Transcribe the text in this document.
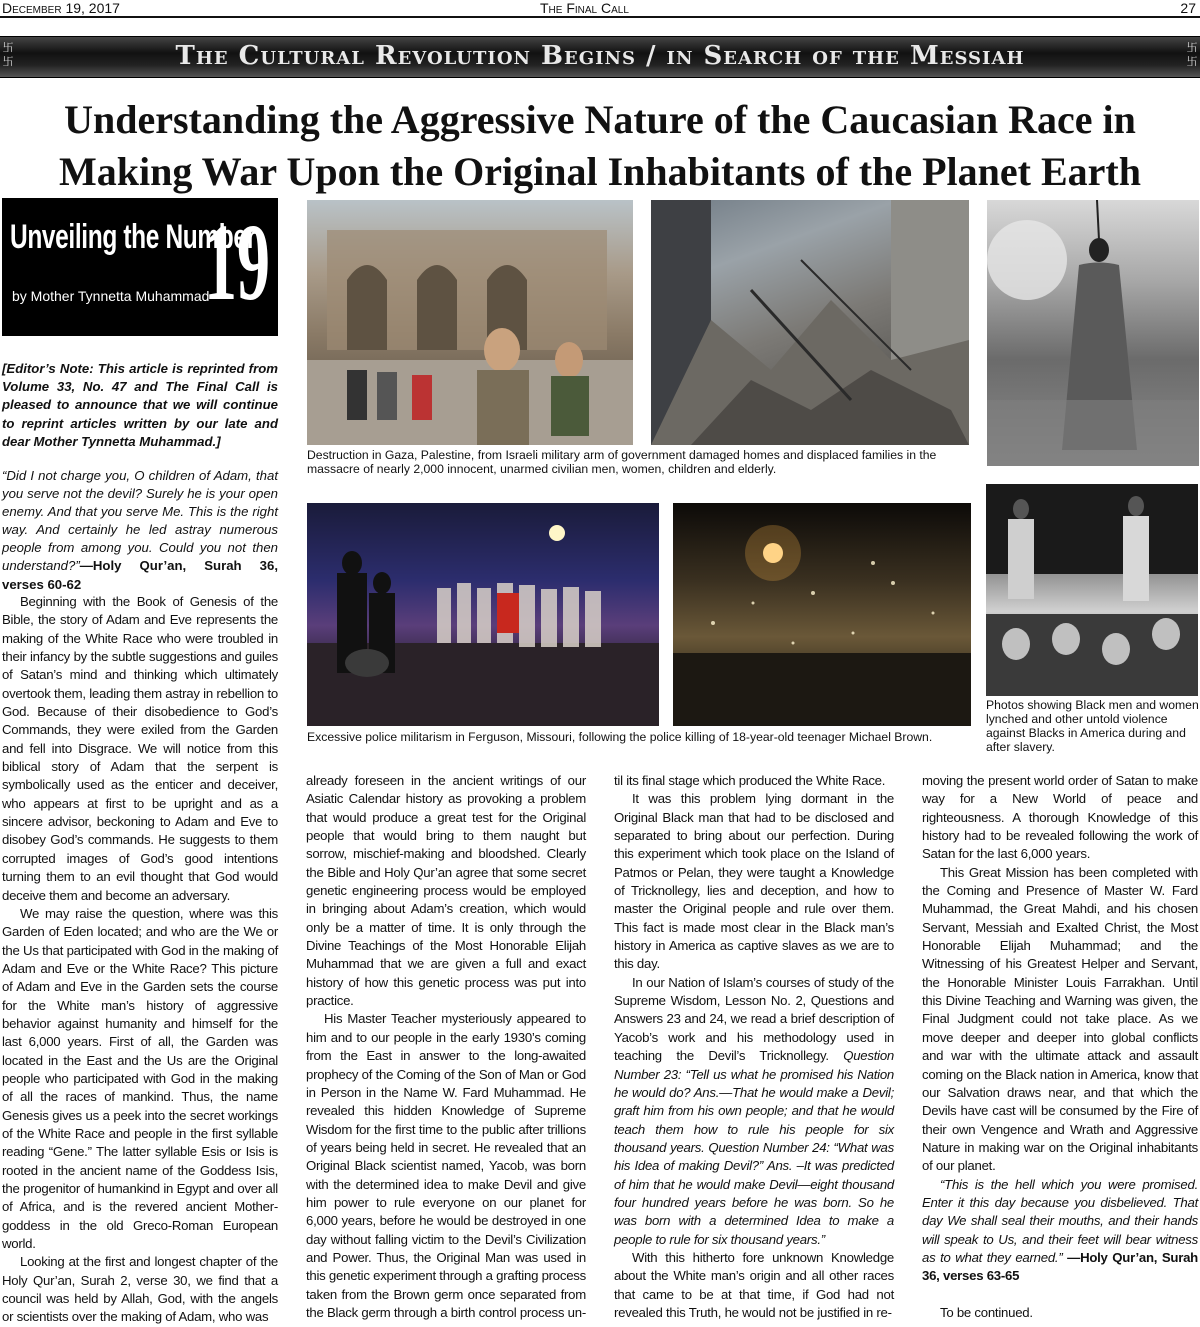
December 19, 2017	The Final Call	27
卐
卐	The Cultural Revolution Begins / in Search of the Messiah	卐
卐
Understanding the Aggressive Nature of the Caucasian Race in
Making War Upon the Original Inhabitants of the Planet Earth
Unveiling the Number
19
by Mother Tynnetta Muhammad
[Editor’s Note: This article is reprinted from Volume 33, No. 47 and The Final Call is pleased to announce that we will continue to reprint articles written by our late and dear Mother Tynnetta Muhammad.]
“Did I not charge you, O children of Adam, that you serve not the devil? Surely he is your open enemy. And that you serve Me. This is the right way. And certainly he led astray numerous people from among you. Could you not then understand?”—Holy Qur’an, Surah 36, verses 60-62

Beginning with the Book of Genesis of the Bible, the story of Adam and Eve represents the making of the White Race who were troubled in their infancy by the subtle suggestions and guiles of Satan’s mind and thinking which ultimately overtook them, leading them astray in rebellion to God. Because of their disobedience to God’s Commands, they were exiled from the Garden and fell into Disgrace. We will notice from this biblical story of Adam that the serpent is symbolically used as the enticer and deceiver, who appears at first to be upright and as a sincere advisor, beckoning to Adam and Eve to disobey God’s commands. He suggests to them corrupted images of God’s good intentions turning them to an evil thought that God would deceive them and become an adversary.

We may raise the question, where was this Garden of Eden located; and who are the We or the Us that participated with God in the making of Adam and Eve or the White Race? This picture of Adam and Eve in the Garden sets the course for the White man’s history of aggressive behavior against humanity and himself for the last 6,000 years. First of all, the Garden was located in the East and the Us are the Original people who participated with God in the making of all the races of mankind. Thus, the name Genesis gives us a peek into the secret workings of the White Race and people in the first syllable reading “Gene.” The latter syllable Esis or Isis is rooted in the ancient name of the Goddess Isis, the progenitor of humankind in Egypt and over all of Africa, and is the revered ancient Mother-goddess in the old Greco-Roman European world.

Looking at the first and longest chapter of the Holy Qur’an, Surah 2, verse 30, we find that a council was held by Allah, God, with the angels or scientists over the making of Adam, who was

already foreseen in the ancient writings of our Asiatic Calendar history as provoking a problem that would produce a great test for the Original people that would bring to them naught but sorrow, mischief-making and bloodshed. Clearly the Bible and Holy Qur’an agree that some secret genetic engineering process would be employed in bringing about Adam’s creation, which would only be a matter of time. It is only through the Divine Teachings of the Most Honorable Elijah Muhammad that we are given a full and exact history of how this genetic process was put into practice.

His Master Teacher mysteriously appeared to him and to our people in the early 1930’s coming from the East in answer to the long-awaited prophecy of the Coming of the Son of Man or God in Person in the Name W. Fard Muhammad. He revealed this hidden Knowledge of Supreme Wisdom for the first time to the public after trillions of years being held in secret. He revealed that an Original Black scientist named, Yacob, was born with the determined idea to make Devil and give him power to rule everyone on our planet for 6,000 years, before he would be destroyed in one day without falling victim to the Devil’s Civilization and Power. Thus, the Original Man was used in this genetic experiment through a grafting process taken from the Brown germ once separated from the Black germ through a birth control process un-

til its final stage which produced the White Race.

It was this problem lying dormant in the Original Black man that had to be disclosed and separated to bring about our perfection. During this experiment which took place on the Island of Patmos or Pelan, they were taught a Knowledge of Tricknollegy, lies and deception, and how to master the Original people and rule over them. This fact is made most clear in the Black man’s history in America as captive slaves as we are to this day.

In our Nation of Islam’s courses of study of the Supreme Wisdom, Lesson No. 2, Questions and Answers 23 and 24, we read a brief description of Yacob’s work and his methodology used in teaching the Devil’s Tricknollegy. Question Number 23: “Tell us what he promised his Nation he would do? Ans.—That he would make a Devil; graft him from his own people; and that he would teach them how to rule his people for six thousand years. Question Number 24: “What was his Idea of making Devil?” Ans. –It was predicted of him that he would make Devil—eight thousand four hundred years before he was born. So he was born with a determined Idea to make a people to rule for six thousand years.”

With this hitherto fore unknown Knowledge about the White man’s origin and all other races that came to be at that time, if God had not revealed this Truth, he would not be justified in re-

moving the present world order of Satan to make way for a New World of peace and righteousness. A thorough Knowledge of this history had to be revealed following the work of Satan for the last 6,000 years.

This Great Mission has been completed with the Coming and Presence of Master W. Fard Muhammad, the Great Mahdi, and his chosen Servant, Messiah and Exalted Christ, the Most Honorable Elijah Muhammad; and the Witnessing of his Greatest Helper and Servant, the Honorable Minister Louis Farrakhan. Until this Divine Teaching and Warning was given, the Final Judgment could not take place. As we move deeper and deeper into global conflicts and war with the ultimate attack and assault coming on the Black nation in America, know that our Salvation draws near, and that which the Devils have cast will be consumed by the Fire of their own Vengence and Wrath and Aggressive Nature in making war on the Original inhabitants of our planet.

“This is the hell which you were promised. Enter it this day because you disbelieved. That day We shall seal their mouths, and their hands will speak to Us, and their feet will bear witness as to what they earned.” —Holy Qur’an, Surah 36, verses 63-65

To be continued.

Destruction in Gaza, Palestine, from Israeli military arm of government damaged homes and displaced families in the massacre of nearly 2,000 innocent, unarmed civilian men, women, children and elderly.
Excessive police militarism in Ferguson, Missouri, following the police killing of 18-year-old teenager Michael Brown.
Photos showing Black men and women lynched and other untold violence against Blacks in America during and after slavery.
